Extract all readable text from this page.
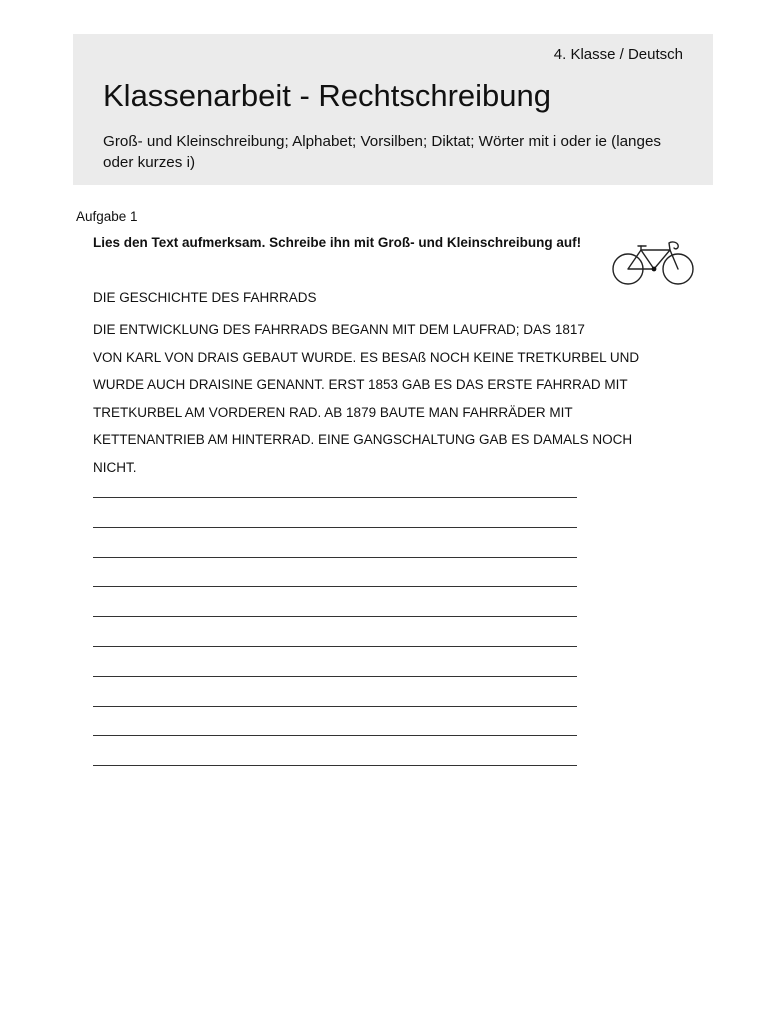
4. Klasse / Deutsch
Klassenarbeit - Rechtschreibung
Groß- und Kleinschreibung; Alphabet; Vorsilben; Diktat; Wörter mit i oder ie (langes oder kurzes i)
Aufgabe 1
Lies den Text aufmerksam. Schreibe ihn mit Groß- und Kleinschreibung auf!
DIE GESCHICHTE DES FAHRRADS
DIE ENTWICKLUNG DES FAHRRADS BEGANN MIT DEM LAUFRAD; DAS 1817
VON KARL VON DRAIS GEBAUT WURDE. ES BESAß NOCH KEINE TRETKURBEL UND
WURDE AUCH DRAISINE GENANNT. ERST 1853 GAB ES DAS ERSTE FAHRRAD MIT
TRETKURBEL AM VORDEREN RAD. AB 1879 BAUTE MAN FAHRRÄDER MIT
KETTENANTRIEB AM HINTERRAD. EINE GANGSCHALTUNG GAB ES DAMALS NOCH
NICHT.
